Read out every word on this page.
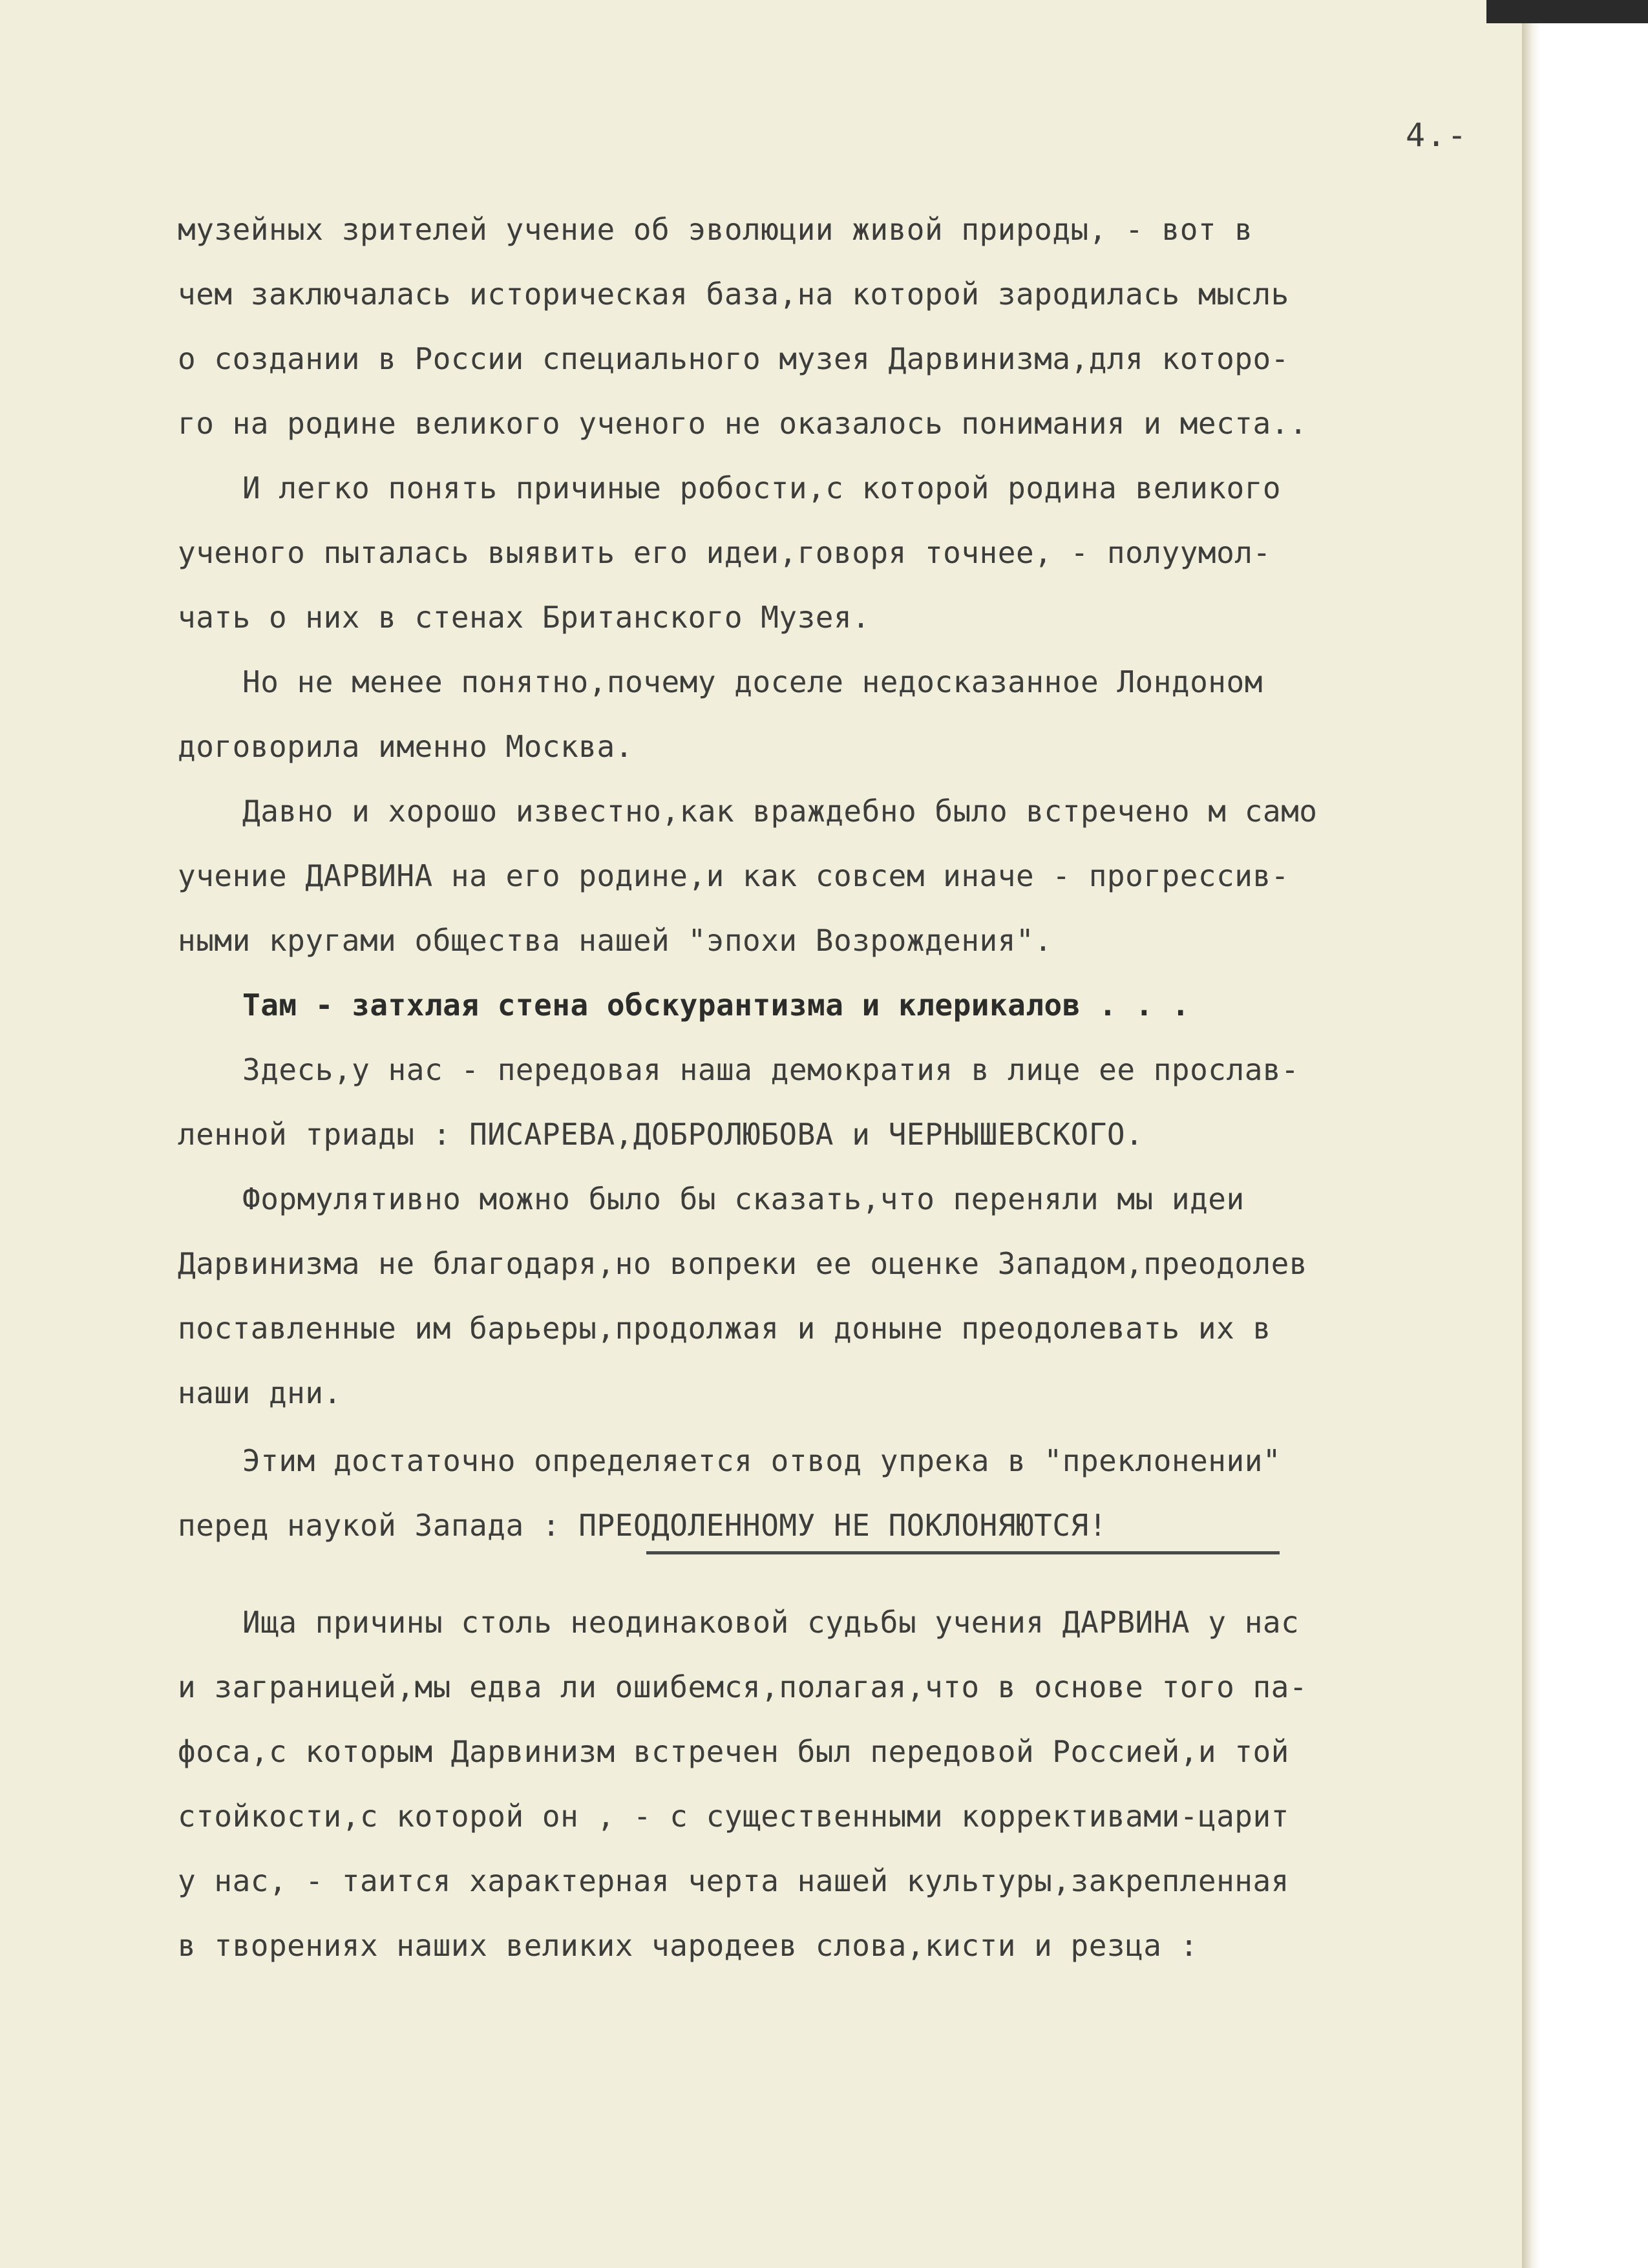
4.-
музейных зрителей учение об эволюции живой природы, - вот в
чем заключалась историческая база,на которой зародилась мысль
о создании в России специального музея Дарвинизма,для которо-
го на родине великого ученого не оказалось понимания и места..
И легко понять причиные робости,с которой родина великого
ученого пыталась выявить его идеи,говоря точнее, - полуумол-
чать о них в стенах Британского Музея.
Но не менее понятно,почему доселе недосказанное Лондоном
договорила именно Москва.
Давно и хорошо известно,как враждебно было встречено м само
учение ДАРВИНА на его родине,и как совсем иначе - прогрессив-
ными кругами общества нашей "эпохи Возрождения".
Там - затхлая стена обскурантизма и клерикалов . . .
Здесь,у нас - передовая наша демократия в лице ее прослав-
ленной триады : ПИСАРЕВА,ДОБРОЛЮБОВА и ЧЕРНЫШЕВСКОГО.
Формулятивно можно было бы сказать,что переняли мы идеи
Дарвинизма не благодаря,но вопреки ее оценке Западом,преодолев
поставленные им барьеры,продолжая и доныне преодолевать их в
наши дни.
Этим достаточно определяется отвод упрека в "преклонении"
перед наукой Запада : ПРЕОДОЛЕННОМУ НЕ ПОКЛОНЯЮТСЯ!
Ища причины столь неодинаковой судьбы учения ДАРВИНА у нас
и заграницей,мы едва ли ошибемся,полагая,что в основе того па-
фоса,с которым Дарвинизм встречен был передовой Россией,и той
стойкости,с которой он , - с существенными коррективами-царит
у нас, - таится характерная черта нашей культуры,закрепленная
в творениях наших великих чародеев слова,кисти и резца :
